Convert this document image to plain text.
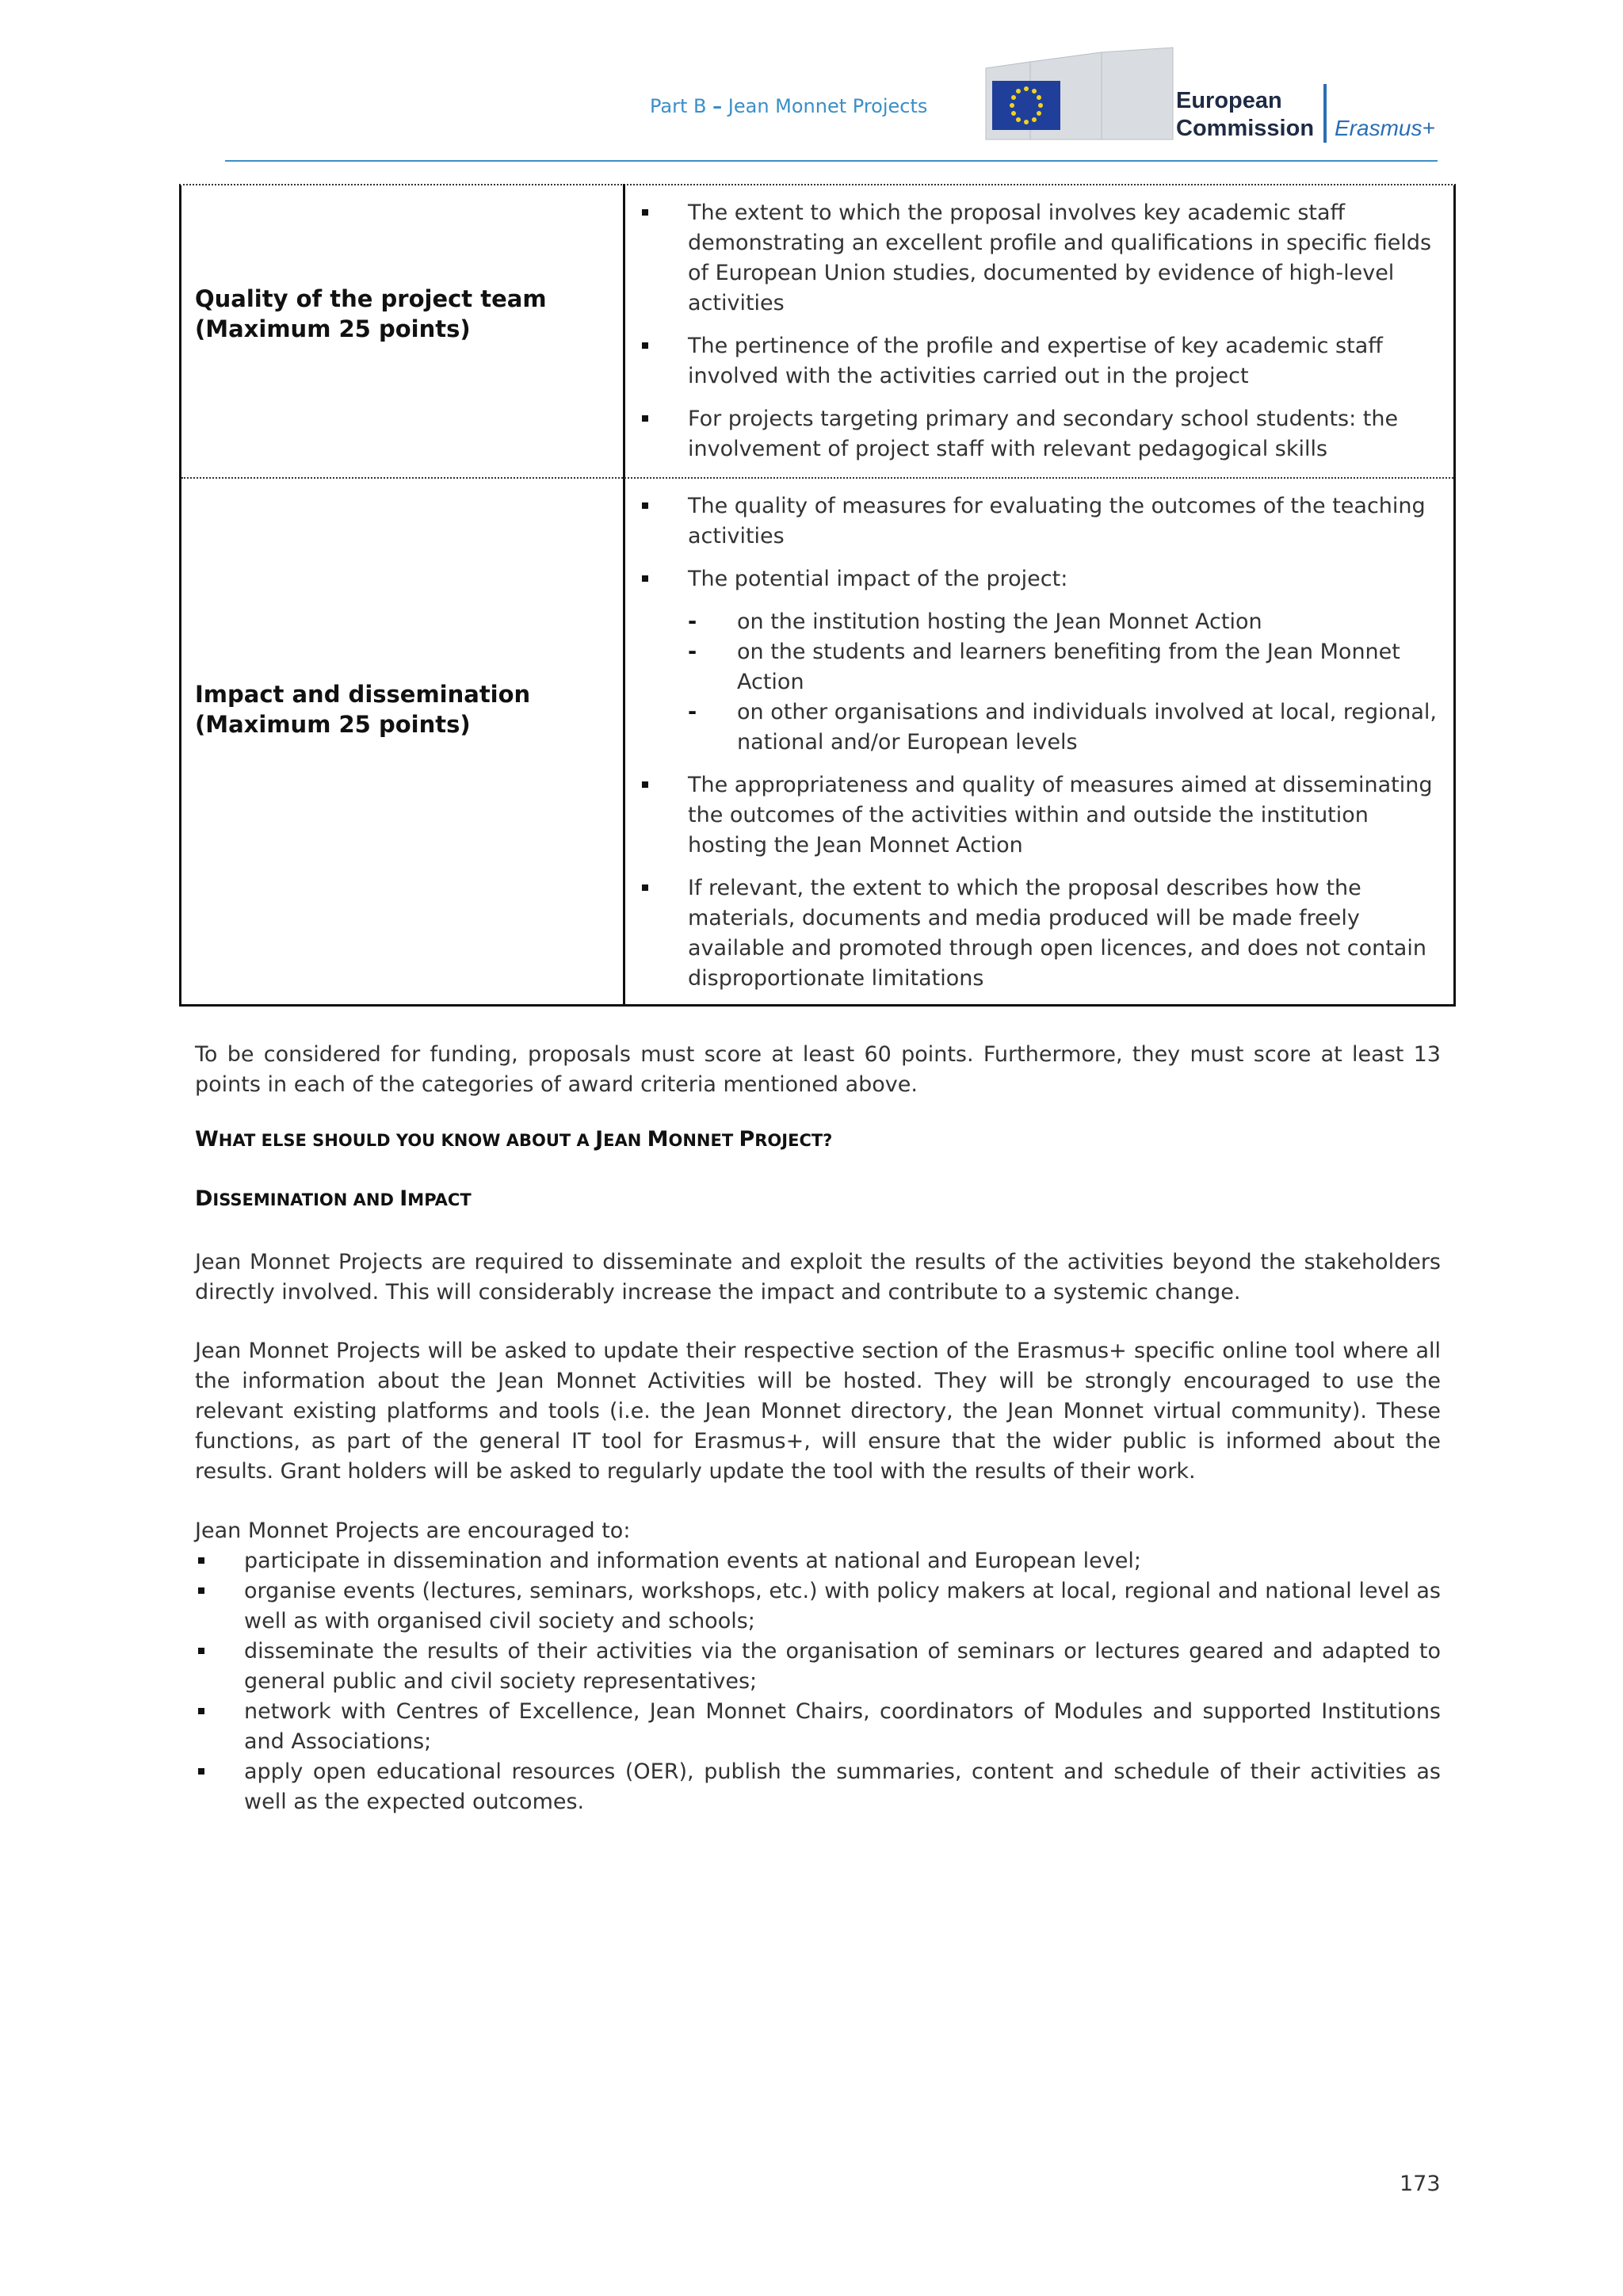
Part B – Jean Monnet Projects	European
Commission Erasmus+
Quality of the project team
(Maximum 25 points)
The extent to which the proposal involves key academic staff demonstrating an excellent profile and qualifications in specific fields of European Union studies, documented by evidence of high-level activities
The pertinence of the profile and expertise of key academic staff involved with the activities carried out in the project
For projects targeting primary and secondary school students: the involvement of project staff with relevant pedagogical skills
Impact and dissemination
(Maximum 25 points)
The quality of measures for evaluating the outcomes of the teaching activities
The potential impact of the project:
- on the institution hosting the Jean Monnet Action
- on the students and learners benefiting from the Jean Monnet Action
- on other organisations and individuals involved at local, regional, national and/or European levels
The appropriateness and quality of measures aimed at disseminating the outcomes of the activities within and outside the institution hosting the Jean Monnet Action
If relevant, the extent to which the proposal describes how the materials, documents and media produced will be made freely available and promoted through open licences, and does not contain disproportionate limitations
To be considered for funding, proposals must score at least 60 points. Furthermore, they must score at least 13 points in each of the categories of award criteria mentioned above.
WHAT ELSE SHOULD YOU KNOW ABOUT A JEAN MONNET PROJECT?
DISSEMINATION AND IMPACT
Jean Monnet Projects are required to disseminate and exploit the results of the activities beyond the stakeholders directly involved. This will considerably increase the impact and contribute to a systemic change.
Jean Monnet Projects will be asked to update their respective section of the Erasmus+ specific online tool where all the information about the Jean Monnet Activities will be hosted. They will be strongly encouraged to use the relevant existing platforms and tools (i.e. the Jean Monnet directory, the Jean Monnet virtual community). These functions, as part of the general IT tool for Erasmus+, will ensure that the wider public is informed about the results. Grant holders will be asked to regularly update the tool with the results of their work.
Jean Monnet Projects are encouraged to:
participate in dissemination and information events at national and European level;
organise events (lectures, seminars, workshops, etc.) with policy makers at local, regional and national level as well as with organised civil society and schools;
disseminate the results of their activities via the organisation of seminars or lectures geared and adapted to general public and civil society representatives;
network with Centres of Excellence, Jean Monnet Chairs, coordinators of Modules and supported Institutions and Associations;
apply open educational resources (OER), publish the summaries, content and schedule of their activities as well as the expected outcomes.
173
